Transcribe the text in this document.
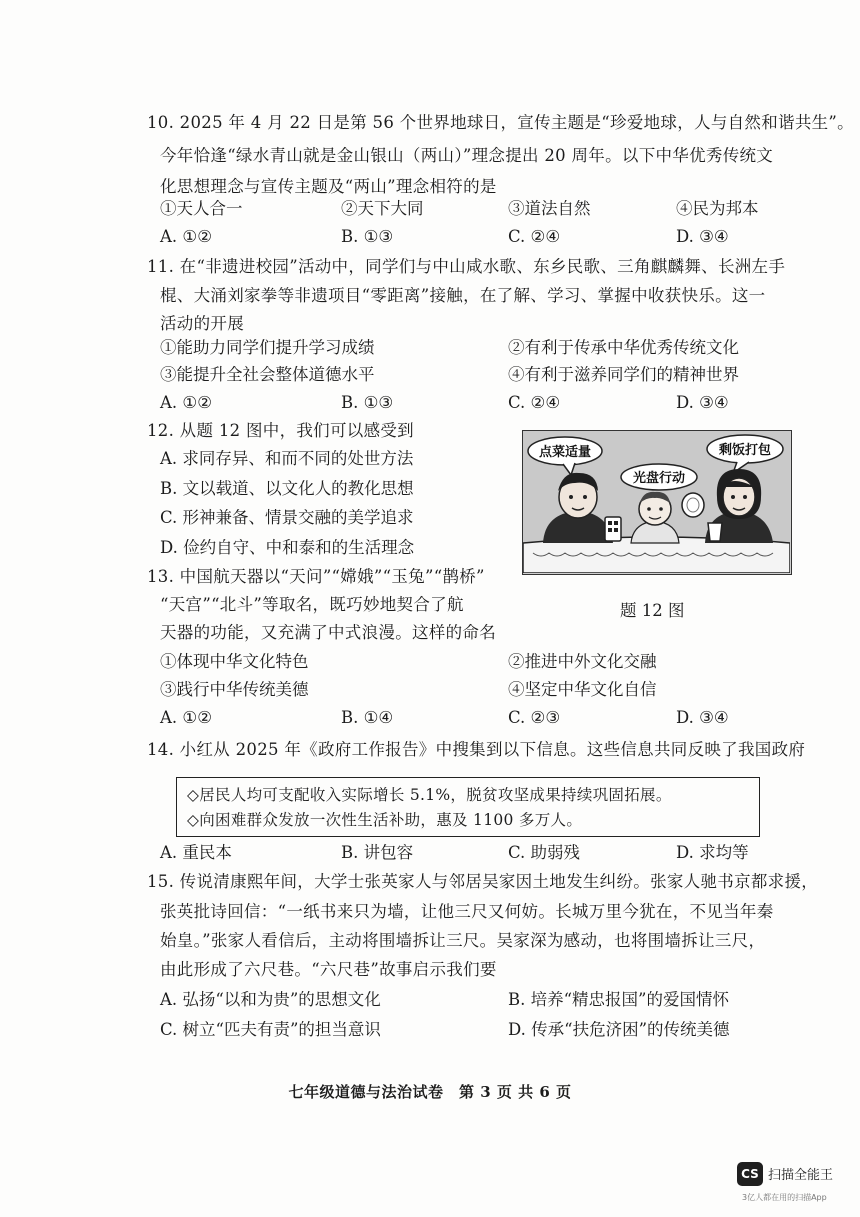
10. 2025 年 4 月 22 日是第 56 个世界地球日，宣传主题是“珍爱地球，人与自然和谐共生”。
今年恰逢“绿水青山就是金山银山（两山）”理念提出 20 周年。以下中华优秀传统文
化思想理念与宣传主题及“两山”理念相符的是
①天人合一	②天下大同	③道法自然	④民为邦本
A. ①②	B. ①③	C. ②④	D. ③④
11. 在“非遗进校园”活动中，同学们与中山咸水歌、东乡民歌、三角麒麟舞、长洲左手
棍、大涌刘家拳等非遗项目“零距离”接触，在了解、学习、掌握中收获快乐。这一
活动的开展
①能助力同学们提升学习成绩	②有利于传承中华优秀传统文化
③能提升全社会整体道德水平	④有利于滋养同学们的精神世界
A. ①②	B. ①③	C. ②④	D. ③④
12. 从题 12 图中，我们可以感受到
A. 求同存异、和而不同的处世方法
B. 文以载道、以文化人的教化思想
C. 形神兼备、情景交融的美学追求
D. 俭约自守、中和泰和的生活理念
点菜适量
光盘行动
剩饭打包
题 12 图
13. 中国航天器以“天问”“嫦娥”“玉兔”“鹊桥”
“天宫”“北斗”等取名，既巧妙地契合了航
天器的功能，又充满了中式浪漫。这样的命名
①体现中华文化特色	②推进中外文化交融
③践行中华传统美德	④坚定中华文化自信
A. ①②	B. ①④	C. ②③	D. ③④
14. 小红从 2025 年《政府工作报告》中搜集到以下信息。这些信息共同反映了我国政府
◇居民人均可支配收入实际增长 5.1%，脱贫攻坚成果持续巩固拓展。
◇向困难群众发放一次性生活补助，惠及 1100 多万人。
A. 重民本	B. 讲包容	C. 助弱残	D. 求均等
15. 传说清康熙年间，大学士张英家人与邻居吴家因土地发生纠纷。张家人驰书京都求援，
张英批诗回信：“一纸书来只为墙，让他三尺又何妨。长城万里今犹在，不见当年秦
始皇。”张家人看信后，主动将围墙拆让三尺。吴家深为感动，也将围墙拆让三尺，
由此形成了六尺巷。“六尺巷”故事启示我们要
A. 弘扬“以和为贵”的思想文化	B. 培养“精忠报国”的爱国情怀
C. 树立“匹夫有责”的担当意识	D. 传承“扶危济困”的传统美德
七年级道德与法治试卷　第 3 页 共 6 页
CS 扫描全能王
3亿人都在用的扫描App
